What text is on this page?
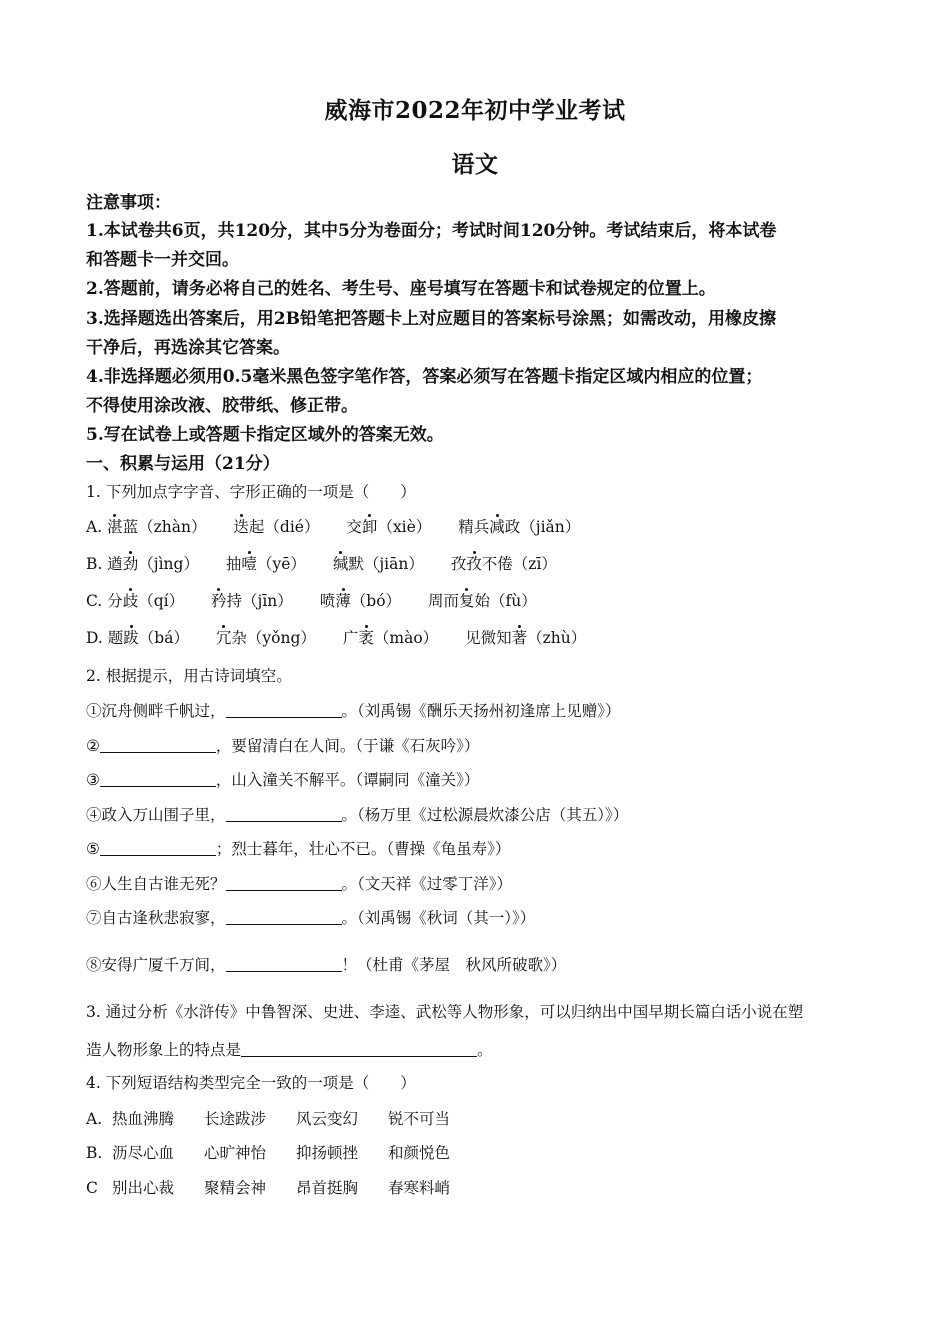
威海市2022年初中学业考试
语文
注意事项：
1.本试卷共6页，共120分，其中5分为卷面分；考试时间120分钟。考试结束后，将本试卷
和答题卡一并交回。
2.答题前，请务必将自己的姓名、考生号、座号填写在答题卡和试卷规定的位置上。
3.选择题选出答案后，用2B铅笔把答题卡上对应题目的答案标号涂黑；如需改动，用橡皮擦
干净后，再选涂其它答案。
4.非选择题必须用0.5毫米黑色签字笔作答，答案必须写在答题卡指定区域内相应的位置；
不得使用涂改液、胶带纸、修正带。
5.写在试卷上或答题卡指定区域外的答案无效。
一、积累与运用（21分）
1. 下列加点字字音、字形正确的一项是（　　）
A. 湛蓝（zhàn） 迭起（dié） 交卸（xiè） 精兵减政（jiǎn）
B. 遒劲（jìng） 抽噎（yē） 缄默（jiān） 孜孜不倦（zī）
C. 分歧（qí） 矜持（jīn） 喷薄（bó） 周而复始（fù）
D. 题跋（bá） 冗杂（yǒng） 广袤（mào） 见微知著（zhù）
2. 根据提示，用古诗词填空。
①沉舟侧畔千帆过，	。（刘禹锡《酬乐天扬州初逢席上见赠》）
②	，要留清白在人间。（于谦《石灰吟》）
③	，山入潼关不解平。（谭嗣同《潼关》）
④政入万山围子里，	。（杨万里《过松源晨炊漆公店（其五）》）
⑤	；烈士暮年，壮心不已。（曹操《龟虽寿》）
⑥人生自古谁无死？	。（文天祥《过零丁洋》）
⑦自古逢秋悲寂寥，	。（刘禹锡《秋词（其一）》）
⑧安得广厦千万间，	！（杜甫《茅屋　秋风所破歌》）
3. 通过分析《水浒传》中鲁智深、史进、李逵、武松等人物形象，可以归纳出中国早期长篇白话小说在塑
造人物形象上的特点是	。
4. 下列短语结构类型完全一致的一项是（　　）
A. 热血沸腾 长途跋涉 风云变幻 锐不可当
B. 沥尽心血 心旷神怡 抑扬顿挫 和颜悦色
C 别出心裁 聚精会神 昂首挺胸 春寒料峭
